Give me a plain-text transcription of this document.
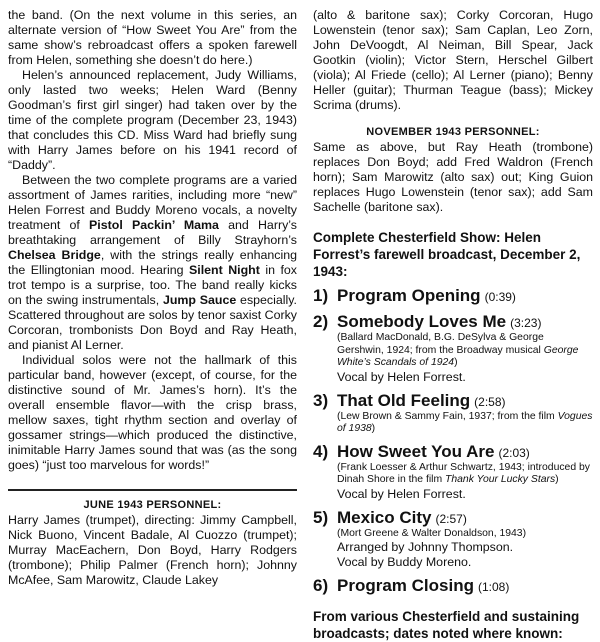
the band. (On the next volume in this series, an alternate version of “How Sweet You Are” from the same show’s rebroadcast offers a spoken farewell from Helen, something she doesn’t do here.)

Helen’s announced replacement, Judy Williams, only lasted two weeks; Helen Ward (Benny Goodman’s first girl singer) had taken over by the time of the complete program (December 23, 1943) that concludes this CD. Miss Ward had briefly sung with Harry James before on his 1941 record of “Daddy”.

Between the two complete programs are a varied assortment of James rarities, including more “new” Helen Forrest and Buddy Moreno vocals, a novelty treatment of Pistol Packin’ Mama and Harry’s breathtaking arrangement of Billy Strayhorn’s Chelsea Bridge, with the strings really enhancing the Ellingtonian mood. Hearing Silent Night in fox trot tempo is a surprise, too. The band really kicks on the swing instrumentals, Jump Sauce especially. Scattered throughout are solos by tenor saxist Corky Corcoran, trombonists Don Boyd and Ray Heath, and pianist Al Lerner.

Individual solos were not the hallmark of this particular band, however (except, of course, for the distinctive sound of Mr. James’s horn). It’s the overall ensemble flavor—with the crisp brass, mellow saxes, tight rhythm section and overlay of gossamer strings—which produced the distinctive, inimitable Harry James sound that was (as the song goes) “just too marvelous for words!”

JUNE 1943 PERSONNEL:

Harry James (trumpet), directing: Jimmy Campbell, Nick Buono, Vincent Badale, Al Cuozzo (trumpet); Murray MacEachern, Don Boyd, Harry Rodgers (trombone); Philip Palmer (French horn); Johnny McAfee, Sam Marowitz, Claude Lakey

(alto & baritone sax); Corky Corcoran, Hugo Lowenstein (tenor sax); Sam Caplan, Leo Zorn, John DeVoogdt, Al Neiman, Bill Spear, Jack Gootkin (violin); Victor Stern, Herschel Gilbert (viola); Al Friede (cello); Al Lerner (piano); Benny Heller (guitar); Thurman Teague (bass); Mickey Scrima (drums).

NOVEMBER 1943 PERSONNEL:

Same as above, but Ray Heath (trombone) replaces Don Boyd; add Fred Waldron (French horn); Sam Marowitz (alto sax) out; King Guion replaces Hugo Lowenstein (tenor sax); add Sam Sachelle (baritone sax).

Complete Chesterfield Show: Helen Forrest’s farewell broadcast, December 2, 1943:

1) Program Opening (0:39)
2) Somebody Loves Me (3:23)
(Ballard MacDonald, B.G. DeSylva & George Gershwin, 1924; from the Broadway musical George White’s Scandals of 1924)
Vocal by Helen Forrest.
3) That Old Feeling (2:58)
(Lew Brown & Sammy Fain, 1937; from the film Vogues of 1938)
4) How Sweet You Are (2:03)
(Frank Loesser & Arthur Schwartz, 1943; introduced by Dinah Shore in the film Thank Your Lucky Stars)
Vocal by Helen Forrest.
5) Mexico City (2:57)
(Mort Greene & Walter Donaldson, 1943)
Arranged by Johnny Thompson.
Vocal by Buddy Moreno.
6) Program Closing (1:08)

From various Chesterfield and sustaining broadcasts; dates noted where known:
